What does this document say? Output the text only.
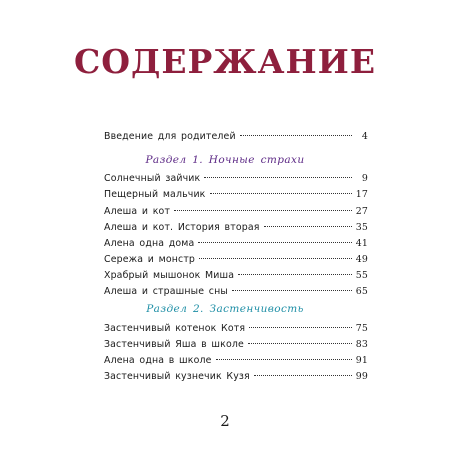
СОДЕРЖАНИЕ
Введение для родителей	4
Раздел 1. Ночные страхи
Солнечный зайчик	9
Пещерный мальчик	17
Алеша и кот	27
Алеша и кот. История вторая	35
Алена одна дома	41
Сережа и монстр	49
Храбрый мышонок Миша	55
Алеша и страшные сны	65
Раздел 2. Застенчивость
Застенчивый котенок Котя	75
Застенчивый Яша в школе	83
Алена одна в школе	91
Застенчивый кузнечик Кузя	99
2
